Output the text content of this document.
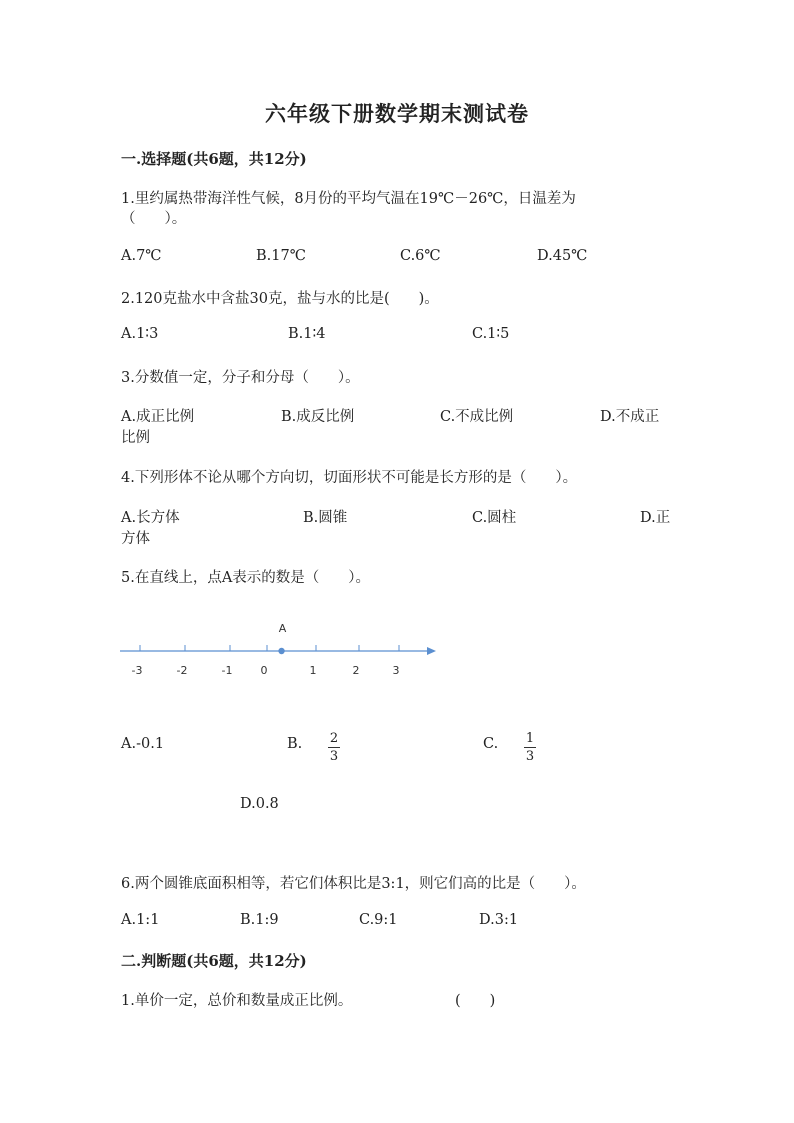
六年级下册数学期末测试卷
一.选择题(共6题，共12分)
1.里约属热带海洋性气候，8月份的平均气温在19℃－26℃，日温差为
（　　）。
A.7℃	B.17℃	C.6℃	D.45℃
2.120克盐水中含盐30克，盐与水的比是(　　)。
A.1∶3	B.1∶4	C.1∶5
3.分数值一定，分子和分母（　　）。
A.成正比例	B.成反比例	C.不成比例	D.不成正
比例
4.下列形体不论从哪个方向切，切面形状不可能是长方形的是（　　）。
A.长方体	B.圆锥	C.圆柱	D.正
方体
5.在直线上，点A表示的数是（　　）。
-3	-2	-1	0	1	2	3
A
A.-0.1	B. 2
3
C. 1
3
D.0.8
6.两个圆锥底面积相等，若它们体积比是3:1，则它们高的比是（　　）。
A.1:1	B.1:9	C.9:1	D.3:1
二.判断题(共6题，共12分)
1.单价一定，总价和数量成正比例。	(　　)
